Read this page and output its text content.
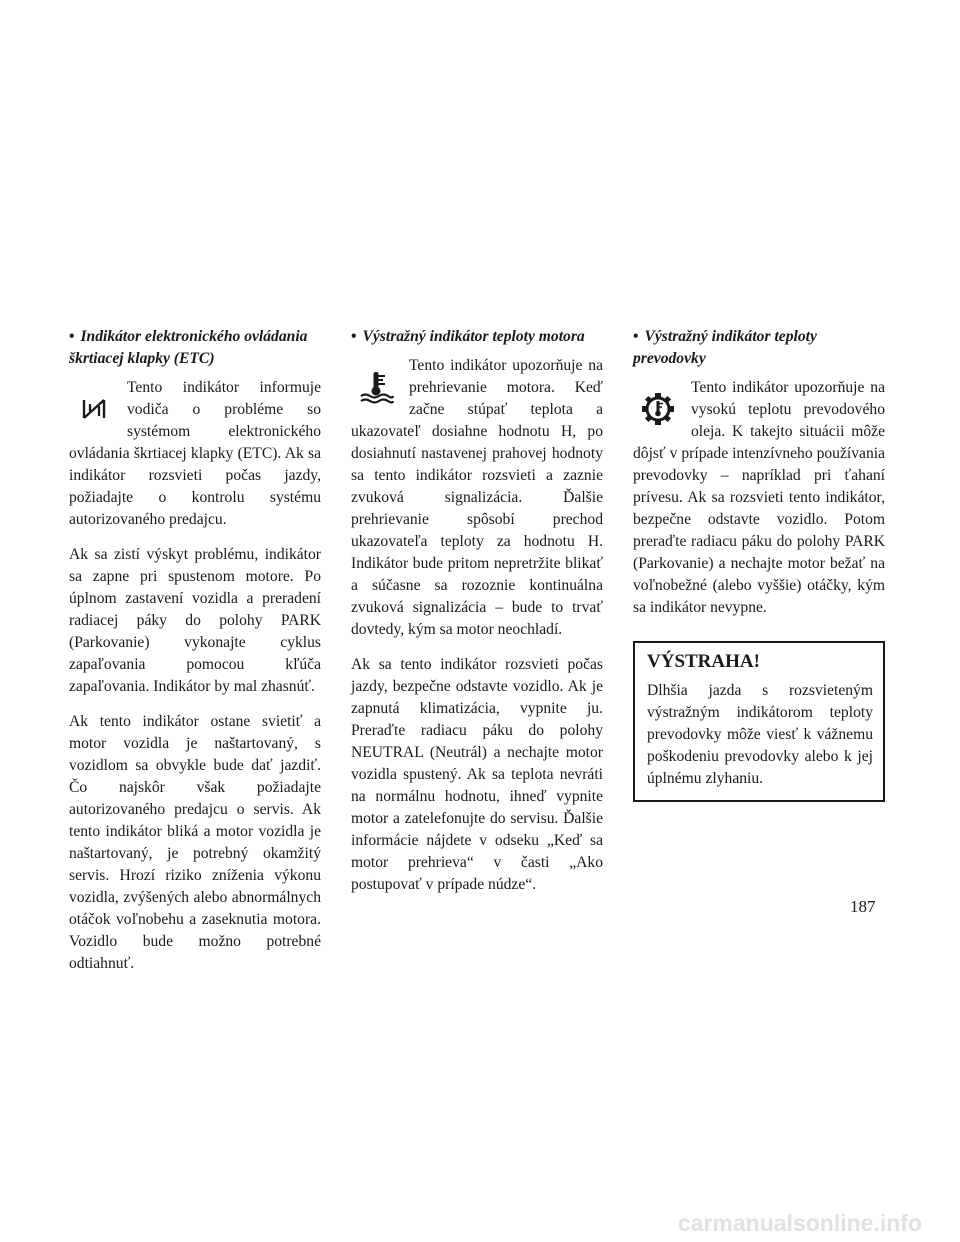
• Indikátor elektronického ovládania škrtiacej klapky (ETC)

Tento indikátor informuje vodiča o probléme so systémom elektronického ovládania škrtiacej klapky (ETC). Ak sa indikátor rozsvieti počas jazdy, požiadajte o kontrolu systému autorizovaného predajcu.

Ak sa zistí výskyt problému, indikátor sa zapne pri spustenom motore. Po úplnom zastavení vozidla a preradení radiacej páky do polohy PARK (Parkovanie) vykonajte cyklus zapaľovania pomocou kľúča zapaľovania. Indikátor by mal zhasnúť.

Ak tento indikátor ostane svietiť a motor vozidla je naštartovaný, s vozidlom sa obvykle bude dať jazdiť. Čo najskôr však požiadajte autorizovaného predajcu o servis. Ak tento indikátor bliká a motor vozidla je naštartovaný, je potrebný okamžitý servis. Hrozí riziko zníženia výkonu vozidla, zvýšených alebo abnormálnych otáčok voľnobehu a zaseknutia motora. Vozidlo bude možno potrebné odtiahnuť.

• Výstražný indikátor teploty motora

Tento indikátor upozorňuje na prehrievanie motora. Keď začne stúpať teplota a ukazovateľ dosiahne hodnotu H, po dosiahnutí nastavenej prahovej hodnoty sa tento indikátor rozsvieti a zaznie zvuková signalizácia. Ďalšie prehrievanie spôsobí prechod ukazovateľa teploty za hodnotu H. Indikátor bude pritom nepretržite blikať a súčasne sa rozoznie kontinuálna zvuková signalizácia – bude to trvať dovtedy, kým sa motor neochladí.

Ak sa tento indikátor rozsvieti počas jazdy, bezpečne odstavte vozidlo. Ak je zapnutá klimatizácia, vypnite ju. Preraďte radiacu páku do polohy NEUTRAL (Neutrál) a nechajte motor vozidla spustený. Ak sa teplota nevráti na normálnu hodnotu, ihneď vypnite motor a zatelefonujte do servisu. Ďalšie informácie nájdete v odseku „Keď sa motor prehrieva“ v časti „Ako postupovať v prípade núdze“.

• Výstražný indikátor teploty prevodovky

Tento indikátor upozorňuje na vysokú teplotu prevodového oleja. K takejto situácii môže dôjsť v prípade intenzívneho používania prevodovky – napríklad pri ťahaní prívesu. Ak sa rozsvieti tento indikátor, bezpečne odstavte vozidlo. Potom preraďte radiacu páku do polohy PARK (Parkovanie) a nechajte motor bežať na voľnobežné (alebo vyššie) otáčky, kým sa indikátor nevypne.

VÝSTRAHA!

Dlhšia jazda s rozsvieteným výstražným indikátorom teploty prevodovky môže viesť k vážnemu poškodeniu prevodovky alebo k jej úplnému zlyhaniu.

187
carmanualsonline.info
